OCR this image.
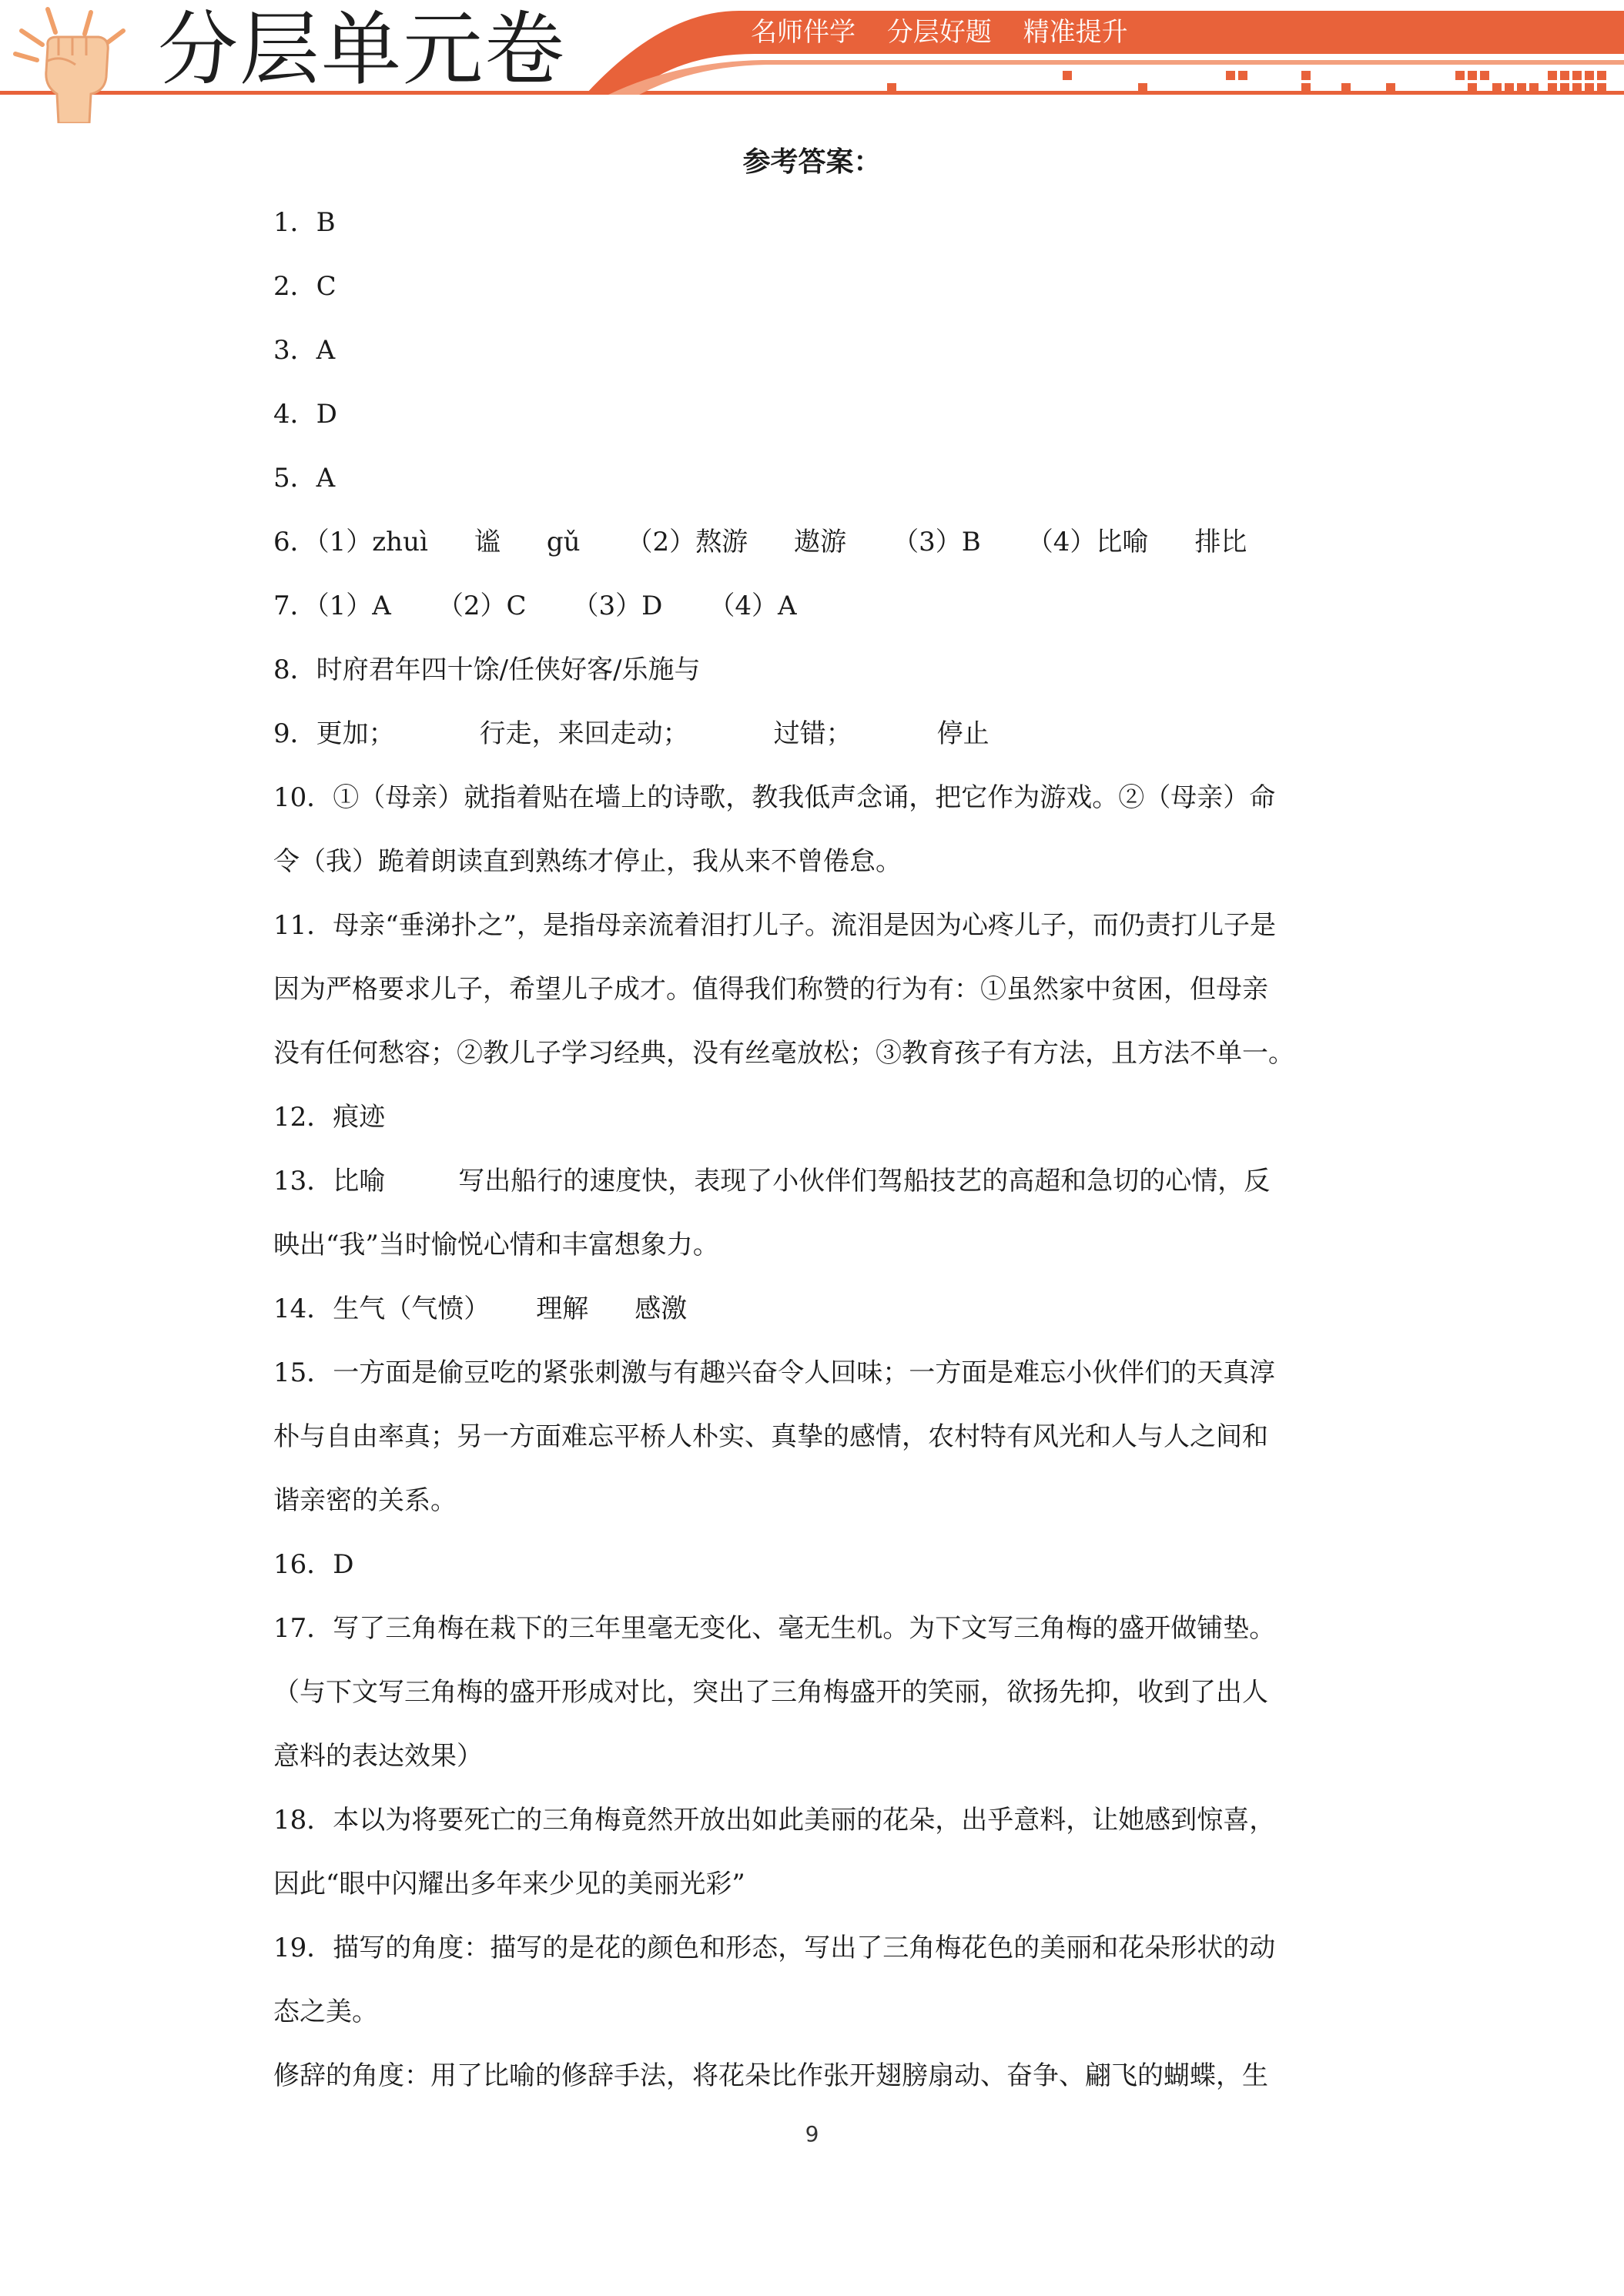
分层单元卷	名师伴学 分层好题 精准提升
参考答案：
1．B
2．C
3．A
4．D
5．A
6．（1）zhuì 谧 gǔ （2）熬游 遨游 （3）B （4）比喻 排比
7．（1）A （2）C （3）D （4）A
8．时府君年四十馀/任侠好客/乐施与
9．更加；	行走，来回走动；	过错；	停止
10．①（母亲）就指着贴在墙上的诗歌，教我低声念诵，把它作为游戏。②（母亲）命
令（我）跪着朗读直到熟练才停止，我从来不曾倦怠。
11．母亲“垂涕扑之”，是指母亲流着泪打儿子。流泪是因为心疼儿子，而仍责打儿子是
因为严格要求儿子，希望儿子成才。值得我们称赞的行为有：①虽然家中贫困，但母亲
没有任何愁容；②教儿子学习经典，没有丝毫放松；③教育孩子有方法，且方法不单一。
12．痕迹
13．比喻	写出船行的速度快，表现了小伙伴们驾船技艺的高超和急切的心情，反
映出“我”当时愉悦心情和丰富想象力。
14．生气（气愤） 理解 感激
15．一方面是偷豆吃的紧张刺激与有趣兴奋令人回味；一方面是难忘小伙伴们的天真淳
朴与自由率真；另一方面难忘平桥人朴实、真挚的感情，农村特有风光和人与人之间和
谐亲密的关系。
16．D
17．写了三角梅在栽下的三年里毫无变化、毫无生机。为下文写三角梅的盛开做铺垫。
（与下文写三角梅的盛开形成对比，突出了三角梅盛开的笑丽，欲扬先抑，收到了出人
意料的表达效果）
18．本以为将要死亡的三角梅竟然开放出如此美丽的花朵，出乎意料，让她感到惊喜，
因此“眼中闪耀出多年来少见的美丽光彩”
19．描写的角度：描写的是花的颜色和形态，写出了三角梅花色的美丽和花朵形状的动
态之美。
修辞的角度：用了比喻的修辞手法，将花朵比作张开翅膀扇动、奋争、翩飞的蝴蝶，生
9
